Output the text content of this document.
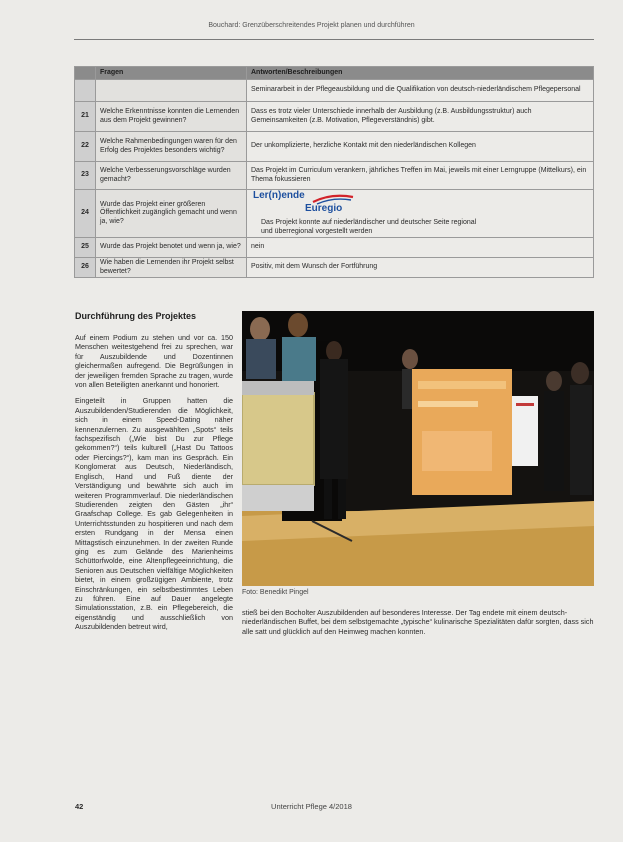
Bouchard: Grenzüberschreitendes Projekt planen und durchführen
	Fragen	Antworten/Beschreibungen
		Seminararbeit in der Pflegeausbildung und die Qualifikation von deutsch-niederländischem Pflegepersonal
21	Welche Erkenntnisse konnten die Lernenden aus dem Projekt gewinnen?	Dass es trotz vieler Unterschiede innerhalb der Ausbildung (z.B. Ausbildungsstruktur) auch Gemeinsamkeiten (z.B. Motivation, Pflegeverständnis) gibt.
22	Welche Rahmenbedingungen waren für den Erfolg des Projektes besonders wichtig?	Der unkomplizierte, herzliche Kontakt mit den niederländischen Kollegen
23	Welche Verbesserungsvorschläge wurden gemacht?	Das Projekt im Curriculum verankern, jährliches Treffen im Mai, jeweils mit einer Lerngruppe (Mittelkurs), ein Thema fokussieren
24	Wurde das Projekt einer größeren Öffentlichkeit zugänglich gemacht und wenn ja, wie?	Ler(n)ende
Euregio
Das Projekt konnte auf niederländischer und deutscher Seite regional und überregional vorgestellt werden
25	Wurde das Projekt benotet und wenn ja, wie?	nein
26	Wie haben die Lernenden ihr Projekt selbst bewertet?	Positiv, mit dem Wunsch der Fortführung
Durchführung des Projektes

Auf einem Podium zu stehen und vor ca. 150 Menschen weitestgehend frei zu sprechen, war für Auszubildende und Dozentinnen gleichermaßen aufregend. Die Begrüßungen in der jeweiligen fremden Sprache zu tragen, wurde von allen Beteiligten anerkannt und honoriert.

Eingeteilt in Gruppen hatten die Auszubildenden/Studierenden die Möglichkeit, sich in einem Speed-Dating näher kennenzulernen. Zu ausgewählten „Spots“ teils fachspezifisch („Wie bist Du zur Pflege gekommen?“) teils kulturell („Hast Du Tattoos oder Piercings?“), kam man ins Gespräch. Ein Konglomerat aus Deutsch, Niederländisch, Englisch, Hand und Fuß diente der Verständigung und bewährte sich auch im weiteren Programmverlauf. Die niederländischen Studierenden zeigten den Gästen „ihr“ Graafschap College. Es gab Gelegenheiten in Unterrichtsstunden zu hospitieren und nach dem ersten Rundgang in der Mensa einen Mittagstisch einzunehmen. In der zweiten Runde ging es zum Gelände des Marienheims Schüttorfwolde, eine Altenpflegeeinrichtung, die Senioren aus Deutschen vielfältige Möglichkeiten bietet, in einem großzügigen Ambiente, trotz Einschränkungen, ein selbstbestimmtes Leben zu führen. Eine auf Dauer angelegte Simulationsstation, z.B. ein Pflegebereich, die eigenständig und ausschließlich von Auszubildenden betreut wird,

Foto: Benedikt Pingel

stieß bei den Bocholter Auszubildenden auf besonderes Interesse. Der Tag endete mit einem deutsch-niederländischen Buffet, bei dem selbstgemachte „typische“ kulinarische Spezialitäten dafür sorgten, dass sich alle satt und glücklich auf den Heimweg machen konnten.

42	Unterricht Pflege 4/2018
